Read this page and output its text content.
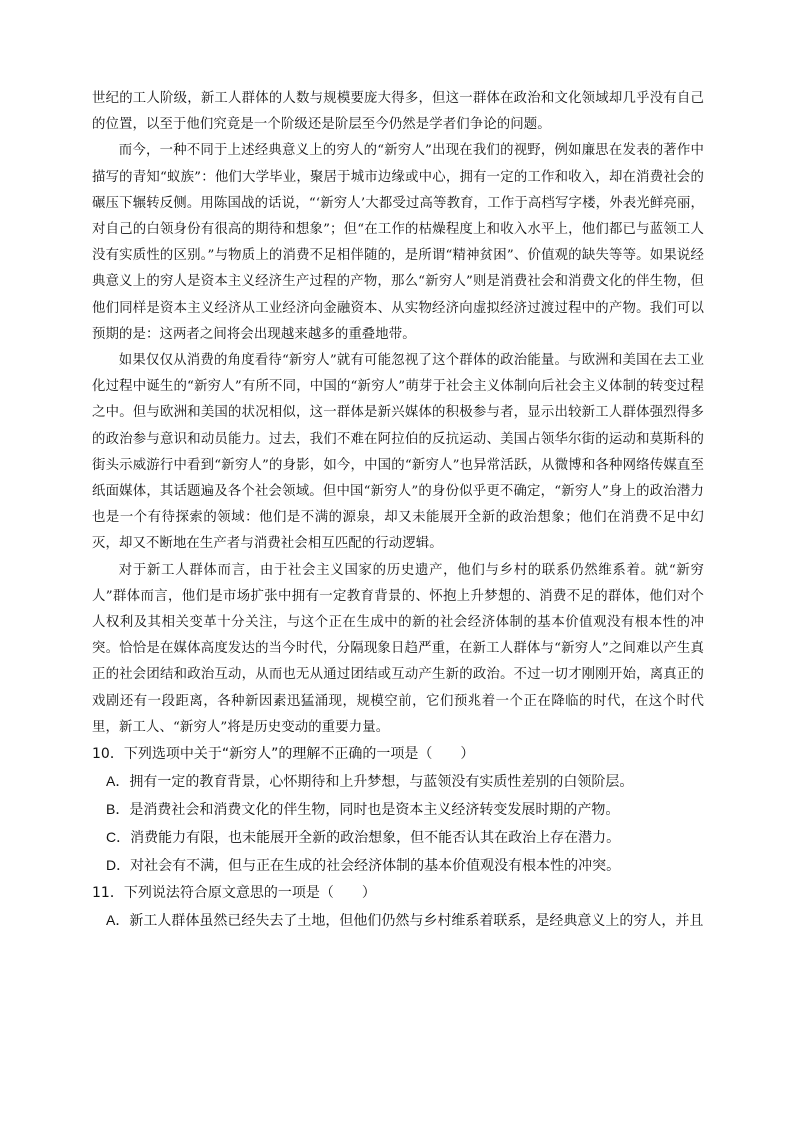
世纪的工人阶级，新工人群体的人数与规模要庞大得多，但这一群体在政治和文化领域却几乎没有自己的位置，以至于他们究竟是一个阶级还是阶层至今仍然是学者们争论的问题。

而今，一种不同于上述经典意义上的穷人的“新穷人”出现在我们的视野，例如廉思在发表的著作中描写的青知“蚁族”：他们大学毕业，聚居于城市边缘或中心，拥有一定的工作和收入，却在消费社会的碾压下辗转反侧。用陈国战的话说，“‘新穷人’大都受过高等教育，工作于高档写字楼，外表光鲜亮丽，对自己的白领身份有很高的期待和想象”；但“在工作的枯燥程度上和收入水平上，他们都已与蓝领工人没有实质性的区别。”与物质上的消费不足相伴随的，是所谓“精神贫困”、价值观的缺失等等。如果说经典意义上的穷人是资本主义经济生产过程的产物，那么“新穷人”则是消费社会和消费文化的伴生物，但他们同样是资本主义经济从工业经济向金融资本、从实物经济向虚拟经济过渡过程中的产物。我们可以预期的是：这两者之间将会出现越来越多的重叠地带。

如果仅仅从消费的角度看待“新穷人”就有可能忽视了这个群体的政治能量。与欧洲和美国在去工业化过程中诞生的“新穷人”有所不同，中国的“新穷人”萌芽于社会主义体制向后社会主义体制的转变过程之中。但与欧洲和美国的状况相似，这一群体是新兴媒体的积极参与者，显示出较新工人群体强烈得多的政治参与意识和动员能力。过去，我们不难在阿拉伯的反抗运动、美国占领华尔街的运动和莫斯科的街头示威游行中看到“新穷人”的身影，如今，中国的“新穷人”也异常活跃，从微博和各种网络传媒直至纸面媒体，其话题遍及各个社会领域。但中国“新穷人”的身份似乎更不确定，“新穷人”身上的政治潜力也是一个有待探索的领域：他们是不满的源泉，却又未能展开全新的政治想象；他们在消费不足中幻灭，却又不断地在生产者与消费社会相互匹配的行动逻辑。

对于新工人群体而言，由于社会主义国家的历史遗产，他们与乡村的联系仍然维系着。就“新穷人”群体而言，他们是市场扩张中拥有一定教育背景的、怀抱上升梦想的、消费不足的群体，他们对个人权利及其相关变革十分关注，与这个正在生成中的新的社会经济体制的基本价值观没有根本性的冲突。恰恰是在媒体高度发达的当今时代，分隔现象日趋严重，在新工人群体与“新穷人”之间难以产生真正的社会团结和政治互动，从而也无从通过团结或互动产生新的政治。不过一切才刚刚开始，离真正的戏剧还有一段距离，各种新因素迅猛涌现，规模空前，它们预兆着一个正在降临的时代，在这个时代里，新工人、“新穷人”将是历史变动的重要力量。

10．下列选项中关于“新穷人”的理解不正确的一项是（　　）

A．拥有一定的教育背景，心怀期待和上升梦想，与蓝领没有实质性差别的白领阶层。

B．是消费社会和消费文化的伴生物，同时也是资本主义经济转变发展时期的产物。

C．消费能力有限，也未能展开全新的政治想象，但不能否认其在政治上存在潜力。

D．对社会有不满，但与正在生成的社会经济体制的基本价值观没有根本性的冲突。

11．下列说法符合原文意思的一项是（　　）

A．新工人群体虽然已经失去了土地，但他们仍然与乡村维系着联系，是经典意义上的穷人，并且
